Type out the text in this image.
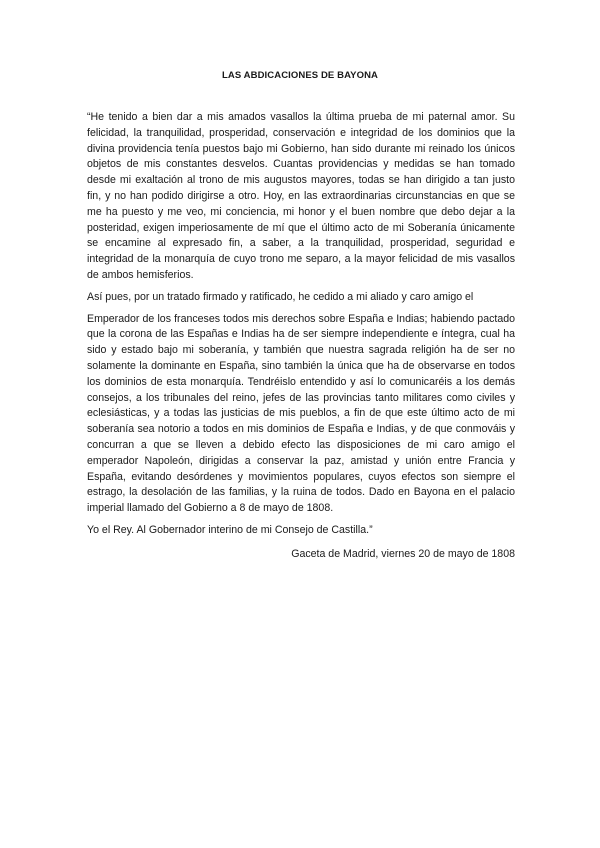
LAS ABDICACIONES DE BAYONA

“He tenido a bien dar a mis amados vasallos la última prueba de mi paternal amor. Su felicidad, la tranquilidad, prosperidad, conservación e integridad de los dominios que la divina providencia tenía puestos bajo mi Gobierno, han sido durante mi reinado los únicos objetos de mis constantes desvelos. Cuantas providencias y medidas se han tomado desde mi exaltación al trono de mis augustos mayores, todas se han dirigido a tan justo fin, y no han podido dirigirse a otro. Hoy, en las extraordinarias circunstancias en que se me ha puesto y me veo, mi conciencia, mi honor y el buen nombre que debo dejar a la posteridad, exigen imperiosamente de mí que el último acto de mi Soberanía únicamente se encamine al expresado fin, a saber, a la tranquilidad, prosperidad, seguridad e integridad de la monarquía de cuyo trono me separo, a la mayor felicidad de mis vasallos de ambos hemisferios.

Así pues, por un tratado firmado y ratificado, he cedido a mi aliado y caro amigo el

Emperador de los franceses todos mis derechos sobre España e Indias; habiendo pactado que la corona de las Españas e Indias ha de ser siempre independiente e íntegra, cual ha sido y estado bajo mi soberanía, y también que nuestra sagrada religión ha de ser no solamente la dominante en España, sino también la única que ha de observarse en todos los dominios de esta monarquía. Tendréislo entendido y así lo comunicaréis a los demás consejos, a los tribunales del reino, jefes de las provincias tanto militares como civiles y eclesiásticas, y a todas las justicias de mis pueblos, a fin de que este último acto de mi soberanía sea notorio a todos en mis dominios de España e Indias, y de que conmováis y concurran a que se lleven a debido efecto las disposiciones de mi caro amigo el emperador Napoleón, dirigidas a conservar la paz, amistad y unión entre Francia y España, evitando desórdenes y movimientos populares, cuyos efectos son siempre el estrago, la desolación de las familias, y la ruina de todos. Dado en Bayona en el palacio imperial llamado del Gobierno a 8 de mayo de 1808.

Yo el Rey. Al Gobernador interino de mi Consejo de Castilla.”

Gaceta de Madrid, viernes 20 de mayo de 1808
